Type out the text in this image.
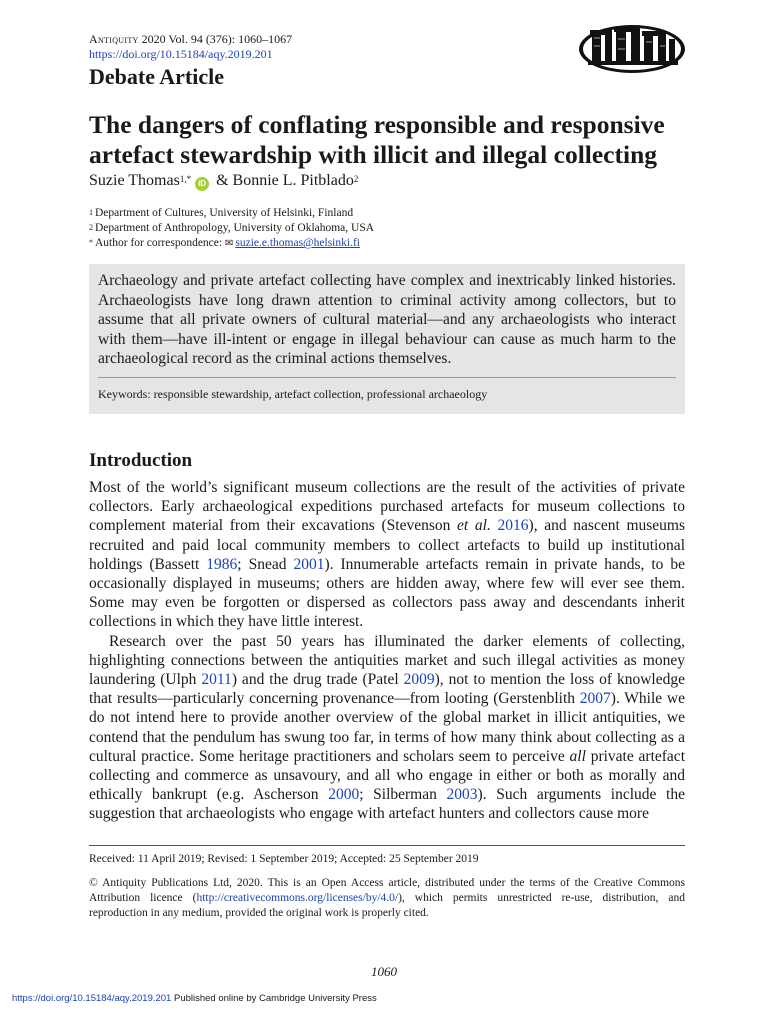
Antiquity 2020 Vol. 94 (376): 1060–1067
https://doi.org/10.15184/aqy.2019.201
Debate Article
The dangers of conflating responsible and responsive artefact stewardship with illicit and illegal collecting
Suzie Thomas$^{1,*}$ iD & Bonnie L. Pitblado$^2$
$^1$ Department of Cultures, University of Helsinki, Finland
$^2$ Department of Anthropology, University of Oklahoma, USA
* Author for correspondence: ✉ suzie.e.thomas@helsinki.fi
Archaeology and private artefact collecting have complex and inextricably linked histories. Archaeologists have long drawn attention to criminal activity among collectors, but to assume that all private owners of cultural material—and any archaeologists who interact with them—have ill-intent or engage in illegal behaviour can cause as much harm to the archaeological record as the criminal actions themselves.
Keywords: responsible stewardship, artefact collection, professional archaeology
Introduction

Most of the world’s significant museum collections are the result of the activities of private collectors. Early archaeological expeditions purchased artefacts for museum collections to complement material from their excavations (Stevenson et al. 2016), and nascent museums recruited and paid local community members to collect artefacts to build up institutional holdings (Bassett 1986; Snead 2001). Innumerable artefacts remain in private hands, to be occasionally displayed in museums; others are hidden away, where few will ever see them. Some may even be forgotten or dispersed as collectors pass away and descendants inherit collections in which they have little interest.

Research over the past 50 years has illuminated the darker elements of collecting, highlighting connections between the antiquities market and such illegal activities as money laundering (Ulph 2011) and the drug trade (Patel 2009), not to mention the loss of knowledge that results—particularly concerning provenance—from looting (Gerstenblith 2007). While we do not intend here to provide another overview of the global market in illicit antiquities, we contend that the pendulum has swung too far, in terms of how many think about collecting as a cultural practice. Some heritage practitioners and scholars seem to perceive all private artefact collecting and commerce as unsavoury, and all who engage in either or both as morally and ethically bankrupt (e.g. Ascherson 2000; Silberman 2003). Such arguments include the suggestion that archaeologists who engage with artefact hunters and collectors cause more

Received: 11 April 2019; Revised: 1 September 2019; Accepted: 25 September 2019
© Antiquity Publications Ltd, 2020. This is an Open Access article, distributed under the terms of the Creative Commons Attribution licence (http://creativecommons.org/licenses/by/4.0/), which permits unrestricted re-use, distribution, and reproduction in any medium, provided the original work is properly cited.
1060
https://doi.org/10.15184/aqy.2019.201 Published online by Cambridge University Press
